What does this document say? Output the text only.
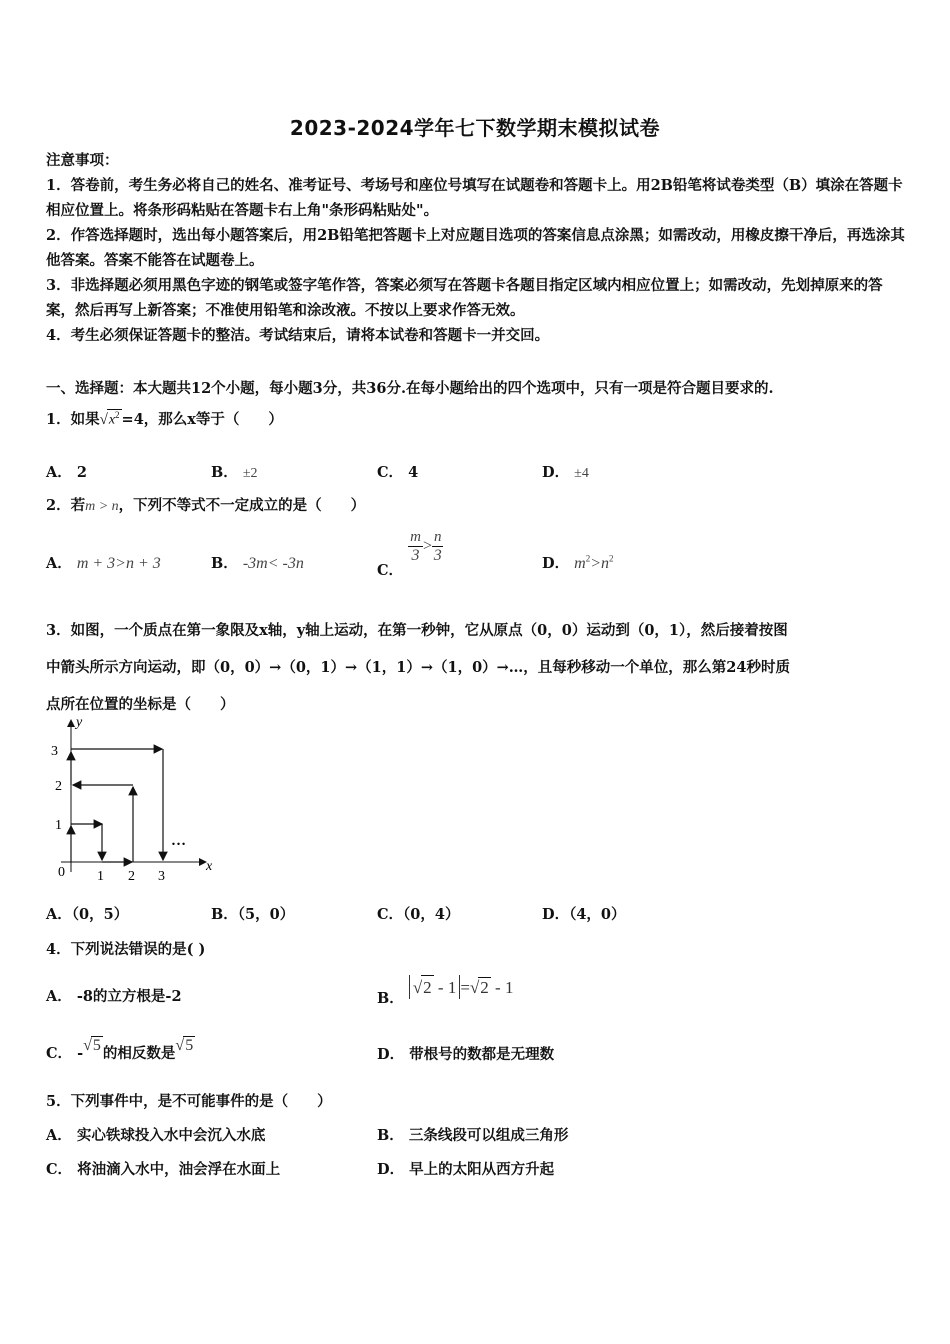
2023-2024学年七下数学期末模拟试卷
注意事项：
1．答卷前，考生务必将自己的姓名、准考证号、考场号和座位号填写在试题卷和答题卡上。用2B铅笔将试卷类型（B）填涂在答题卡相应位置上。将条形码粘贴在答题卡右上角"条形码粘贴处"。
2．作答选择题时，选出每小题答案后，用2B铅笔把答题卡上对应题目选项的答案信息点涂黑；如需改动，用橡皮擦干净后，再选涂其他答案。答案不能答在试题卷上。
3．非选择题必须用黑色字迹的钢笔或签字笔作答，答案必须写在答题卡各题目指定区域内相应位置上；如需改动，先划掉原来的答案，然后再写上新答案；不准使用铅笔和涂改液。不按以上要求作答无效。
4．考生必须保证答题卡的整洁。考试结束后，请将本试卷和答题卡一并交回。
一、选择题：本大题共12个小题，每小题3分，共36分.在每小题给出的四个选项中，只有一项是符合题目要求的.
1．如果$√x^2 =4$，那么x等于（　　）
A． 2	B． ±2	C． 4	D． ±4
2．若m > n，下列不等式不一定成立的是（　　）
A． m + 3>n + 3	B． -3m< -3n	C．
$\frac{m}{3} > \frac{n}{3}$	D． $m^2>n^2$
3．如图，一个质点在第一象限及x轴，y轴上运动，在第一秒钟，它从原点（0，0）运动到（0，1），然后接着按图
中箭头所示方向运动，即（0，0）→（0，1）→（1，1）→（1，0）→…，且每秒移动一个单位，那么第24秒时质
点所在位置的坐标是（　　）
y
x
0 1 2 3
1
2
3
…
A．（0，5）	B．（5，0）	C．（0，4）	D．（4，0）
4．下列说法错误的是( )
A． -8的立方根是-2	B． √2 - 1 =√2 - 1
C． -√5 的相反数是√5
D． 带根号的数都是无理数
5．下列事件中，是不可能事件的是（　　）
A． 实心铁球投入水中会沉入水底	B． 三条线段可以组成三角形
C． 将油滴入水中，油会浮在水面上	D． 早上的太阳从西方升起
